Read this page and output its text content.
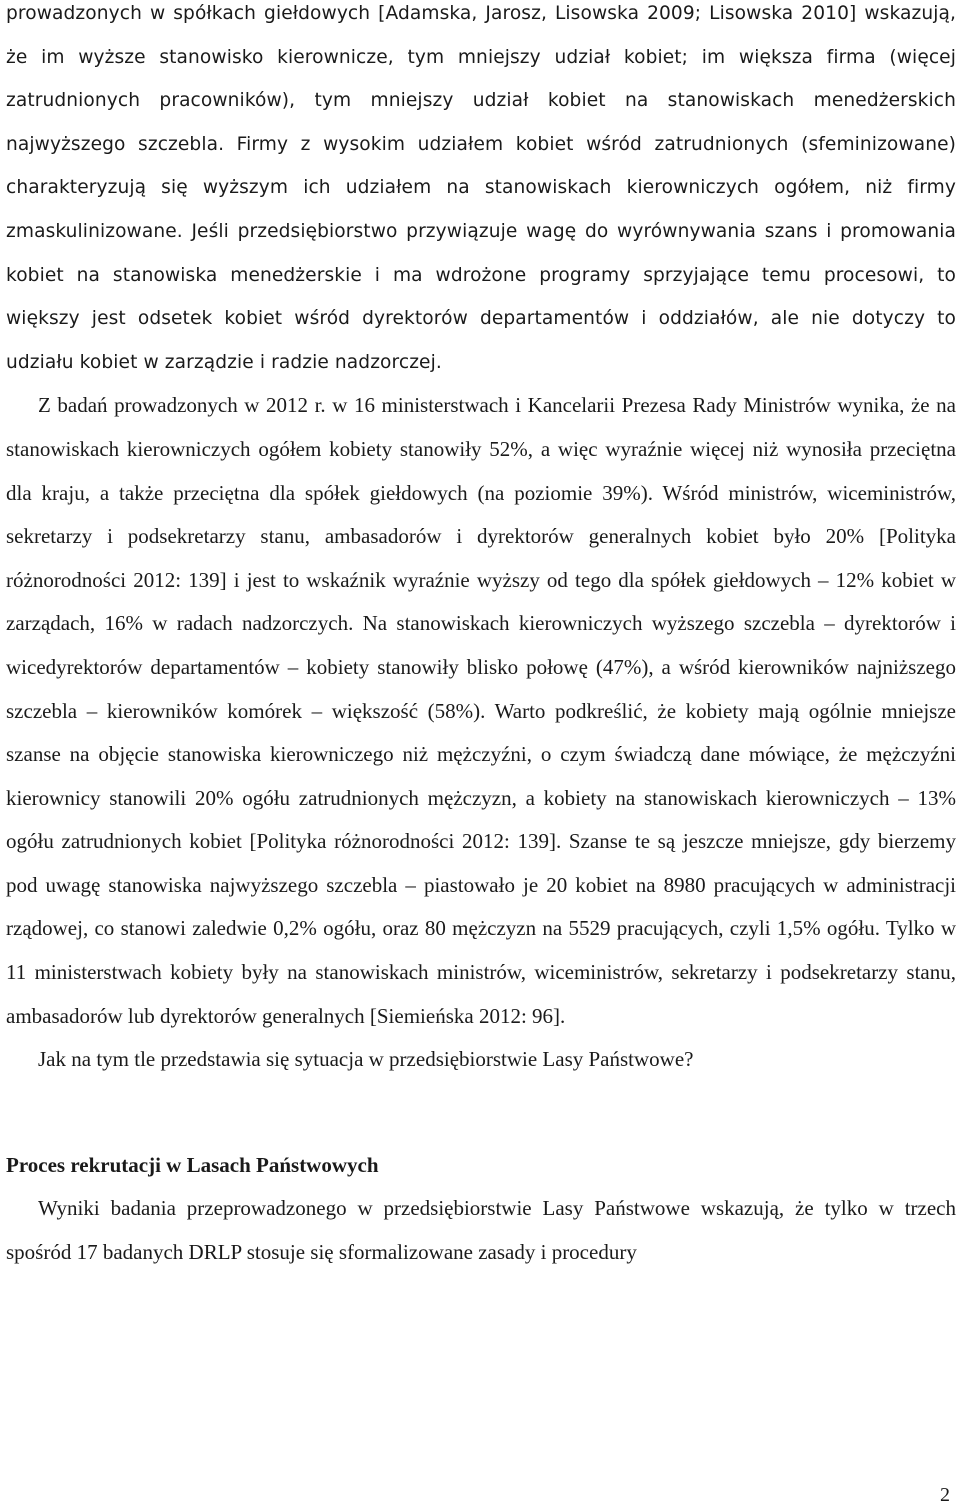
prowadzonych w spółkach giełdowych [Adamska, Jarosz, Lisowska 2009; Lisowska 2010] wskazują, że im wyższe stanowisko kierownicze, tym mniejszy udział kobiet; im większa firma (więcej zatrudnionych pracowników), tym mniejszy udział kobiet na stanowiskach menedżerskich najwyższego szczebla. Firmy z wysokim udziałem kobiet wśród zatrudnionych (sfeminizowane) charakteryzują się wyższym ich udziałem na stanowiskach kierowniczych ogółem, niż firmy zmaskulinizowane. Jeśli przedsiębiorstwo przywiązuje wagę do wyrównywania szans i promowania kobiet na stanowiska menedżerskie i ma wdrożone programy sprzyjające temu procesowi, to większy jest odsetek kobiet wśród dyrektorów departamentów i oddziałów, ale nie dotyczy to udziału kobiet w zarządzie i radzie nadzorczej.

Z badań prowadzonych w 2012 r. w 16 ministerstwach i Kancelarii Prezesa Rady Ministrów wynika, że na stanowiskach kierowniczych ogółem kobiety stanowiły 52%, a więc wyraźnie więcej niż wynosiła przeciętna dla kraju, a także przeciętna dla spółek giełdowych (na poziomie 39%). Wśród ministrów, wiceministrów, sekretarzy i podsekretarzy stanu, ambasadorów i dyrektorów generalnych kobiet było 20% [Polityka różnorodności 2012: 139] i jest to wskaźnik wyraźnie wyższy od tego dla spółek giełdowych – 12% kobiet w zarządach, 16% w radach nadzorczych. Na stanowiskach kierowniczych wyższego szczebla – dyrektorów i wicedyrektorów departamentów – kobiety stanowiły blisko połowę (47%), a wśród kierowników najniższego szczebla – kierowników komórek – większość (58%). Warto podkreślić, że kobiety mają ogólnie mniejsze szanse na objęcie stanowiska kierowniczego niż mężczyźni, o czym świadczą dane mówiące, że mężczyźni kierownicy stanowili 20% ogółu zatrudnionych mężczyzn, a kobiety na stanowiskach kierowniczych – 13% ogółu zatrudnionych kobiet [Polityka różnorodności 2012: 139]. Szanse te są jeszcze mniejsze, gdy bierzemy pod uwagę stanowiska najwyższego szczebla – piastowało je 20 kobiet na 8980 pracujących w administracji rządowej, co stanowi zaledwie 0,2% ogółu, oraz 80 mężczyzn na 5529 pracujących, czyli 1,5% ogółu. Tylko w 11 ministerstwach kobiety były na stanowiskach ministrów, wiceministrów, sekretarzy i podsekretarzy stanu, ambasadorów lub dyrektorów generalnych [Siemieńska 2012: 96].

Jak na tym tle przedstawia się sytuacja w przedsiębiorstwie Lasy Państwowe?

Proces rekrutacji w Lasach Państwowych

Wyniki badania przeprowadzonego w przedsiębiorstwie Lasy Państwowe wskazują, że tylko w trzech spośród 17 badanych DRLP stosuje się sformalizowane zasady i procedury

2
